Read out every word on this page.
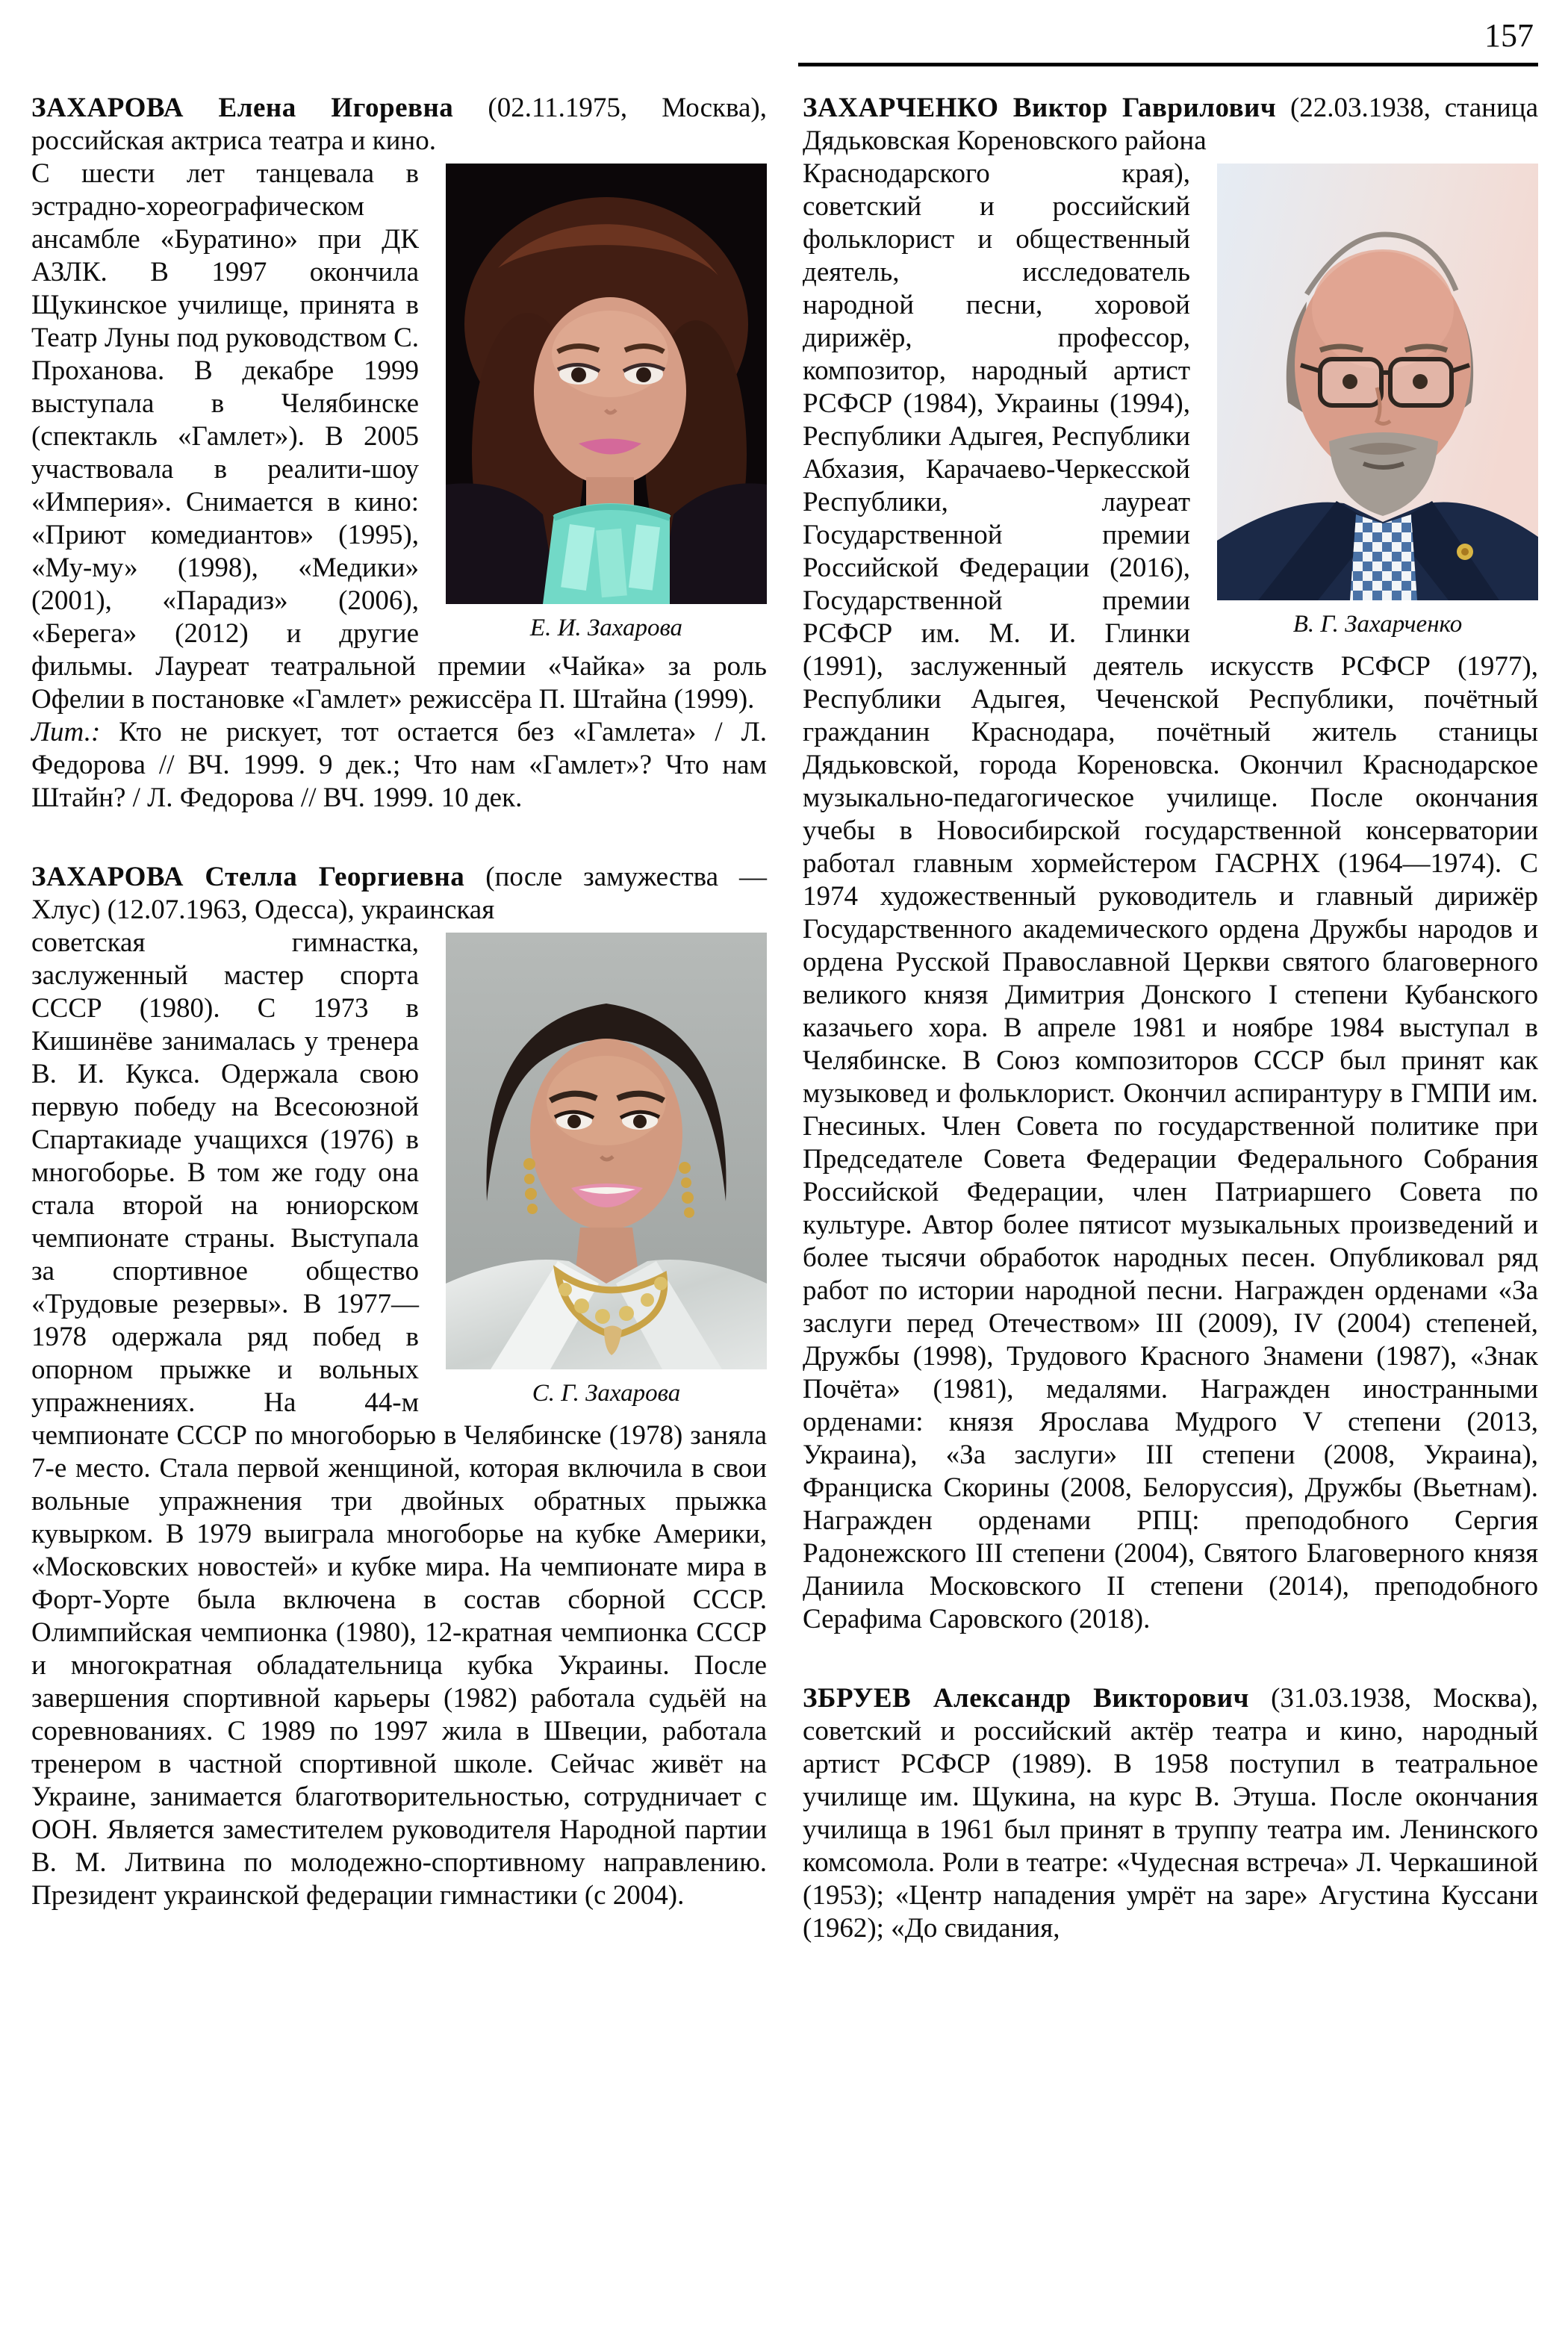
157

ЗАХАРОВА Елена Игоревна (02.11.1975, Москва), российская актриса театра и кино.

Е. И. Захарова

С шести лет танцевала в эстрадно-хореографическом ансамбле «Буратино» при ДК АЗЛК. В 1997 окончила Щукинское училище, принята в Театр Луны под руководством С. Проханова. В декабре 1999 выступала в Челябинске (спектакль «Гамлет»). В 2005 участвовала в реалити-шоу «Империя». Снимается в кино: «Приют комедиантов» (1995), «Му-му» (1998), «Медики» (2001), «Парадиз» (2006), «Берега» (2012) и другие фильмы. Лауреат театральной премии «Чайка» за роль Офелии в постановке «Гамлет» режиссёра П. Штайна (1999).

Лит.: Кто не рискует, тот остается без «Гамлета» / Л. Федорова // ВЧ. 1999. 9 дек.; Что нам «Гамлет»? Что нам Штайн? / Л. Федорова // ВЧ. 1999. 10 дек.

ЗАХАРОВА Стелла Георгиевна (после замужества — Хлус) (12.07.1963, Одесса), украинская

С. Г. Захарова

советская гимнастка, заслуженный мастер спорта СССР (1980). С 1973 в Кишинёве занималась у тренера В. И. Кукса. Одержала свою первую победу на Всесоюзной Спартакиаде учащихся (1976) в многоборье. В том же году она стала второй на юниорском чемпионате страны. Выступала за спортивное общество «Трудовые резервы». В 1977—1978 одержала ряд побед в опорном прыжке и вольных упражнениях. На 44-м чемпионате СССР по многоборью в Челябинске (1978) заняла 7-е место. Стала первой женщиной, которая включила в свои вольные упражнения три двойных обратных прыжка кувырком. В 1979 выиграла многоборье на кубке Америки, «Московских новостей» и кубке мира. На чемпионате мира в Форт-Уорте была включена в состав сборной СССР. Олимпийская чемпионка (1980), 12-кратная чемпионка СССР и многократная обладательница кубка Украины. После завершения спортивной карьеры (1982) работала судьёй на соревнованиях. С 1989 по 1997 жила в Швеции, работала тренером в частной спортивной школе. Сейчас живёт на Украине, занимается благотворительностью, сотрудничает с ООН. Является заместителем руководителя Народной партии В. М. Литвина по молодежно-спортивному направлению. Президент украинской федерации гимнастики (с 2004).

ЗАХАРЧЕНКО Виктор Гаврилович (22.03.1938, станица Дядьковская Кореновского района

В. Г. Захарченко

Краснодарского края), советский и российский фольклорист и общественный деятель, исследователь народной песни, хоровой дирижёр, профессор, композитор, народный артист РСФСР (1984), Украины (1994), Республики Адыгея, Республики Абхазия, Карачаево-Черкесской Республики, лауреат Государственной премии Российской Федерации (2016), Государственной премии РСФСР им. М. И. Глинки (1991), заслуженный деятель искусств РСФСР (1977), Республики Адыгея, Чеченской Республики, почётный гражданин Краснодара, почётный житель станицы Дядьковской, города Кореновска. Окончил Краснодарское музыкально-педагогическое училище. После окончания учебы в Новосибирской государственной консерватории работал главным хормейстером ГАСРНХ (1964—1974). С 1974 художественный руководитель и главный дирижёр Государственного академического ордена Дружбы народов и ордена Русской Православной Церкви святого благоверного великого князя Димитрия Донского I степени Кубанского казачьего хора. В апреле 1981 и ноябре 1984 выступал в Челябинске. В Союз композиторов СССР был принят как музыковед и фольклорист. Окончил аспирантуру в ГМПИ им. Гнесиных. Член Совета по государственной политике при Председателе Совета Федерации Федерального Собрания Российской Федерации, член Патриаршего Совета по культуре. Автор более пятисот музыкальных произведений и более тысячи обработок народных песен. Опубликовал ряд работ по истории народной песни. Награжден орденами «За заслуги перед Отечеством» III (2009), IV (2004) степеней, Дружбы (1998), Трудового Красного Знамени (1987), «Знак Почёта» (1981), медалями. Награжден иностранными орденами: князя Ярослава Мудрого V степени (2013, Украина), «За заслуги» III степени (2008, Украина), Франциска Скорины (2008, Белоруссия), Дружбы (Вьетнам). Награжден орденами РПЦ: преподобного Сергия Радонежского III степени (2004), Святого Благоверного князя Даниила Московского II степени (2014), преподобного Серафима Саровского (2018).

ЗБРУЕВ Александр Викторович (31.03.1938, Москва), советский и российский актёр театра и кино, народный артист РСФСР (1989). В 1958 поступил в театральное училище им. Щукина, на курс В. Этуша. После окончания училища в 1961 был принят в труппу театра им. Ленинского комсомола. Роли в театре: «Чудесная встреча» Л. Черкашиной (1953); «Центр нападения умрёт на заре» Агустина Куссани (1962); «До свидания,
